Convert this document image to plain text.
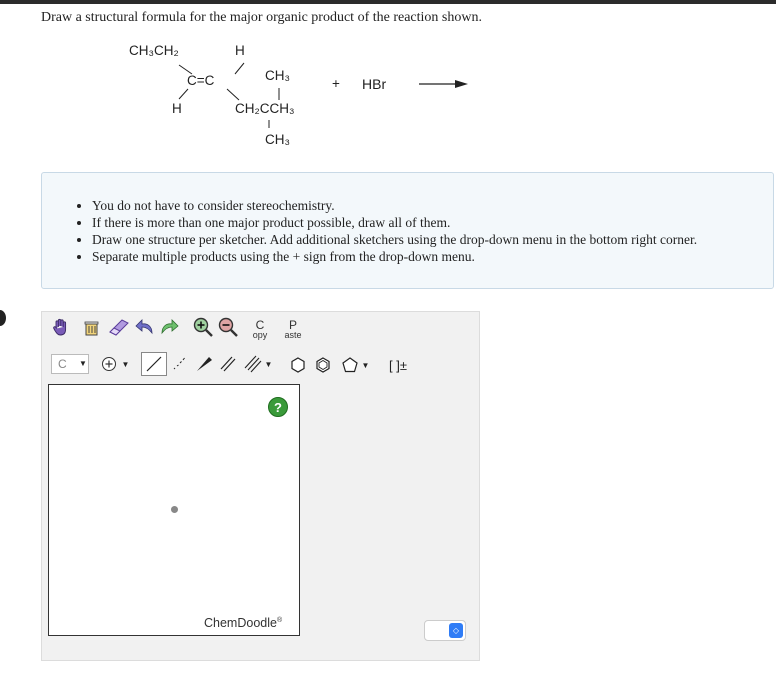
Draw a structural formula for the major organic product of the reaction shown.
CH₃CH₂	H
C=C
H
CH₃
CH₂CCH₃
CH₃
+ HBr
• You do not have to consider stereochemistry.
• If there is more than one major product possible, draw all of them.
• Draw one structure per sketcher. Add additional sketchers using the drop-down menu in the bottom right corner.
• Separate multiple products using the + sign from the drop-down menu.
C
opy
P
aste
C ▼	▼	▼	▼ [ ]±
?
ChemDoodle®
◇
